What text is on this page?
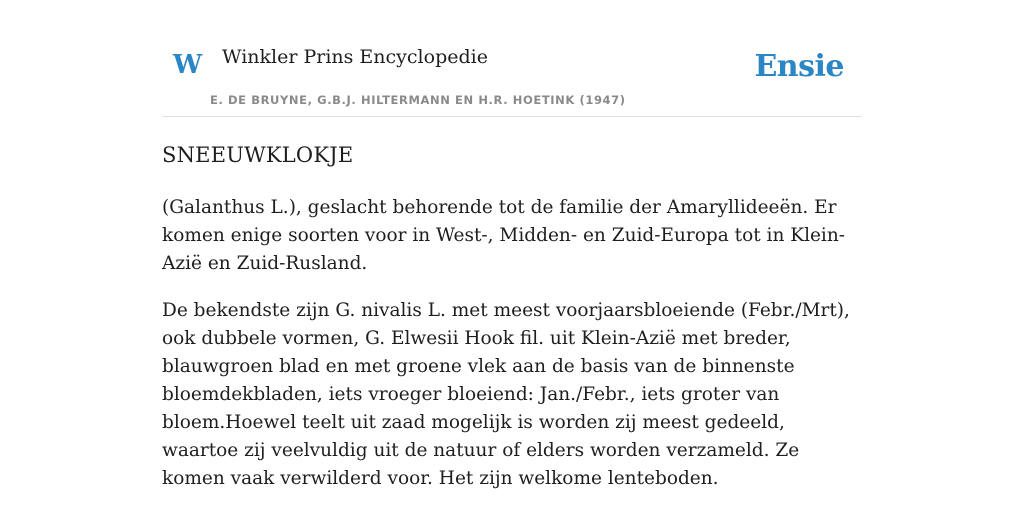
W Winkler Prins Encyclopedie
E. DE BRUYNE, G.B.J. HILTERMANN EN H.R. HOETINK (1947)
Ensie
SNEEUWKLOKJE

(Galanthus L.), geslacht behorende tot de familie der Amaryllideeën. Er komen enige soorten voor in West-, Midden- en Zuid-Europa tot in Klein-Azië en Zuid-Rusland.

De bekendste zijn G. nivalis L. met meest voorjaarsbloeiende (Febr./Mrt), ook dubbele vormen, G. Elwesii Hook fil. uit Klein-Azië met breder, blauwgroen blad en met groene vlek aan de basis van de binnenste bloemdekbladen, iets vroeger bloeiend: Jan./Febr., iets groter van bloem.Hoewel teelt uit zaad mogelijk is worden zij meest gedeeld, waartoe zij veelvuldig uit de natuur of elders worden verzameld. Ze komen vaak verwilderd voor. Het zijn welkome lenteboden.
